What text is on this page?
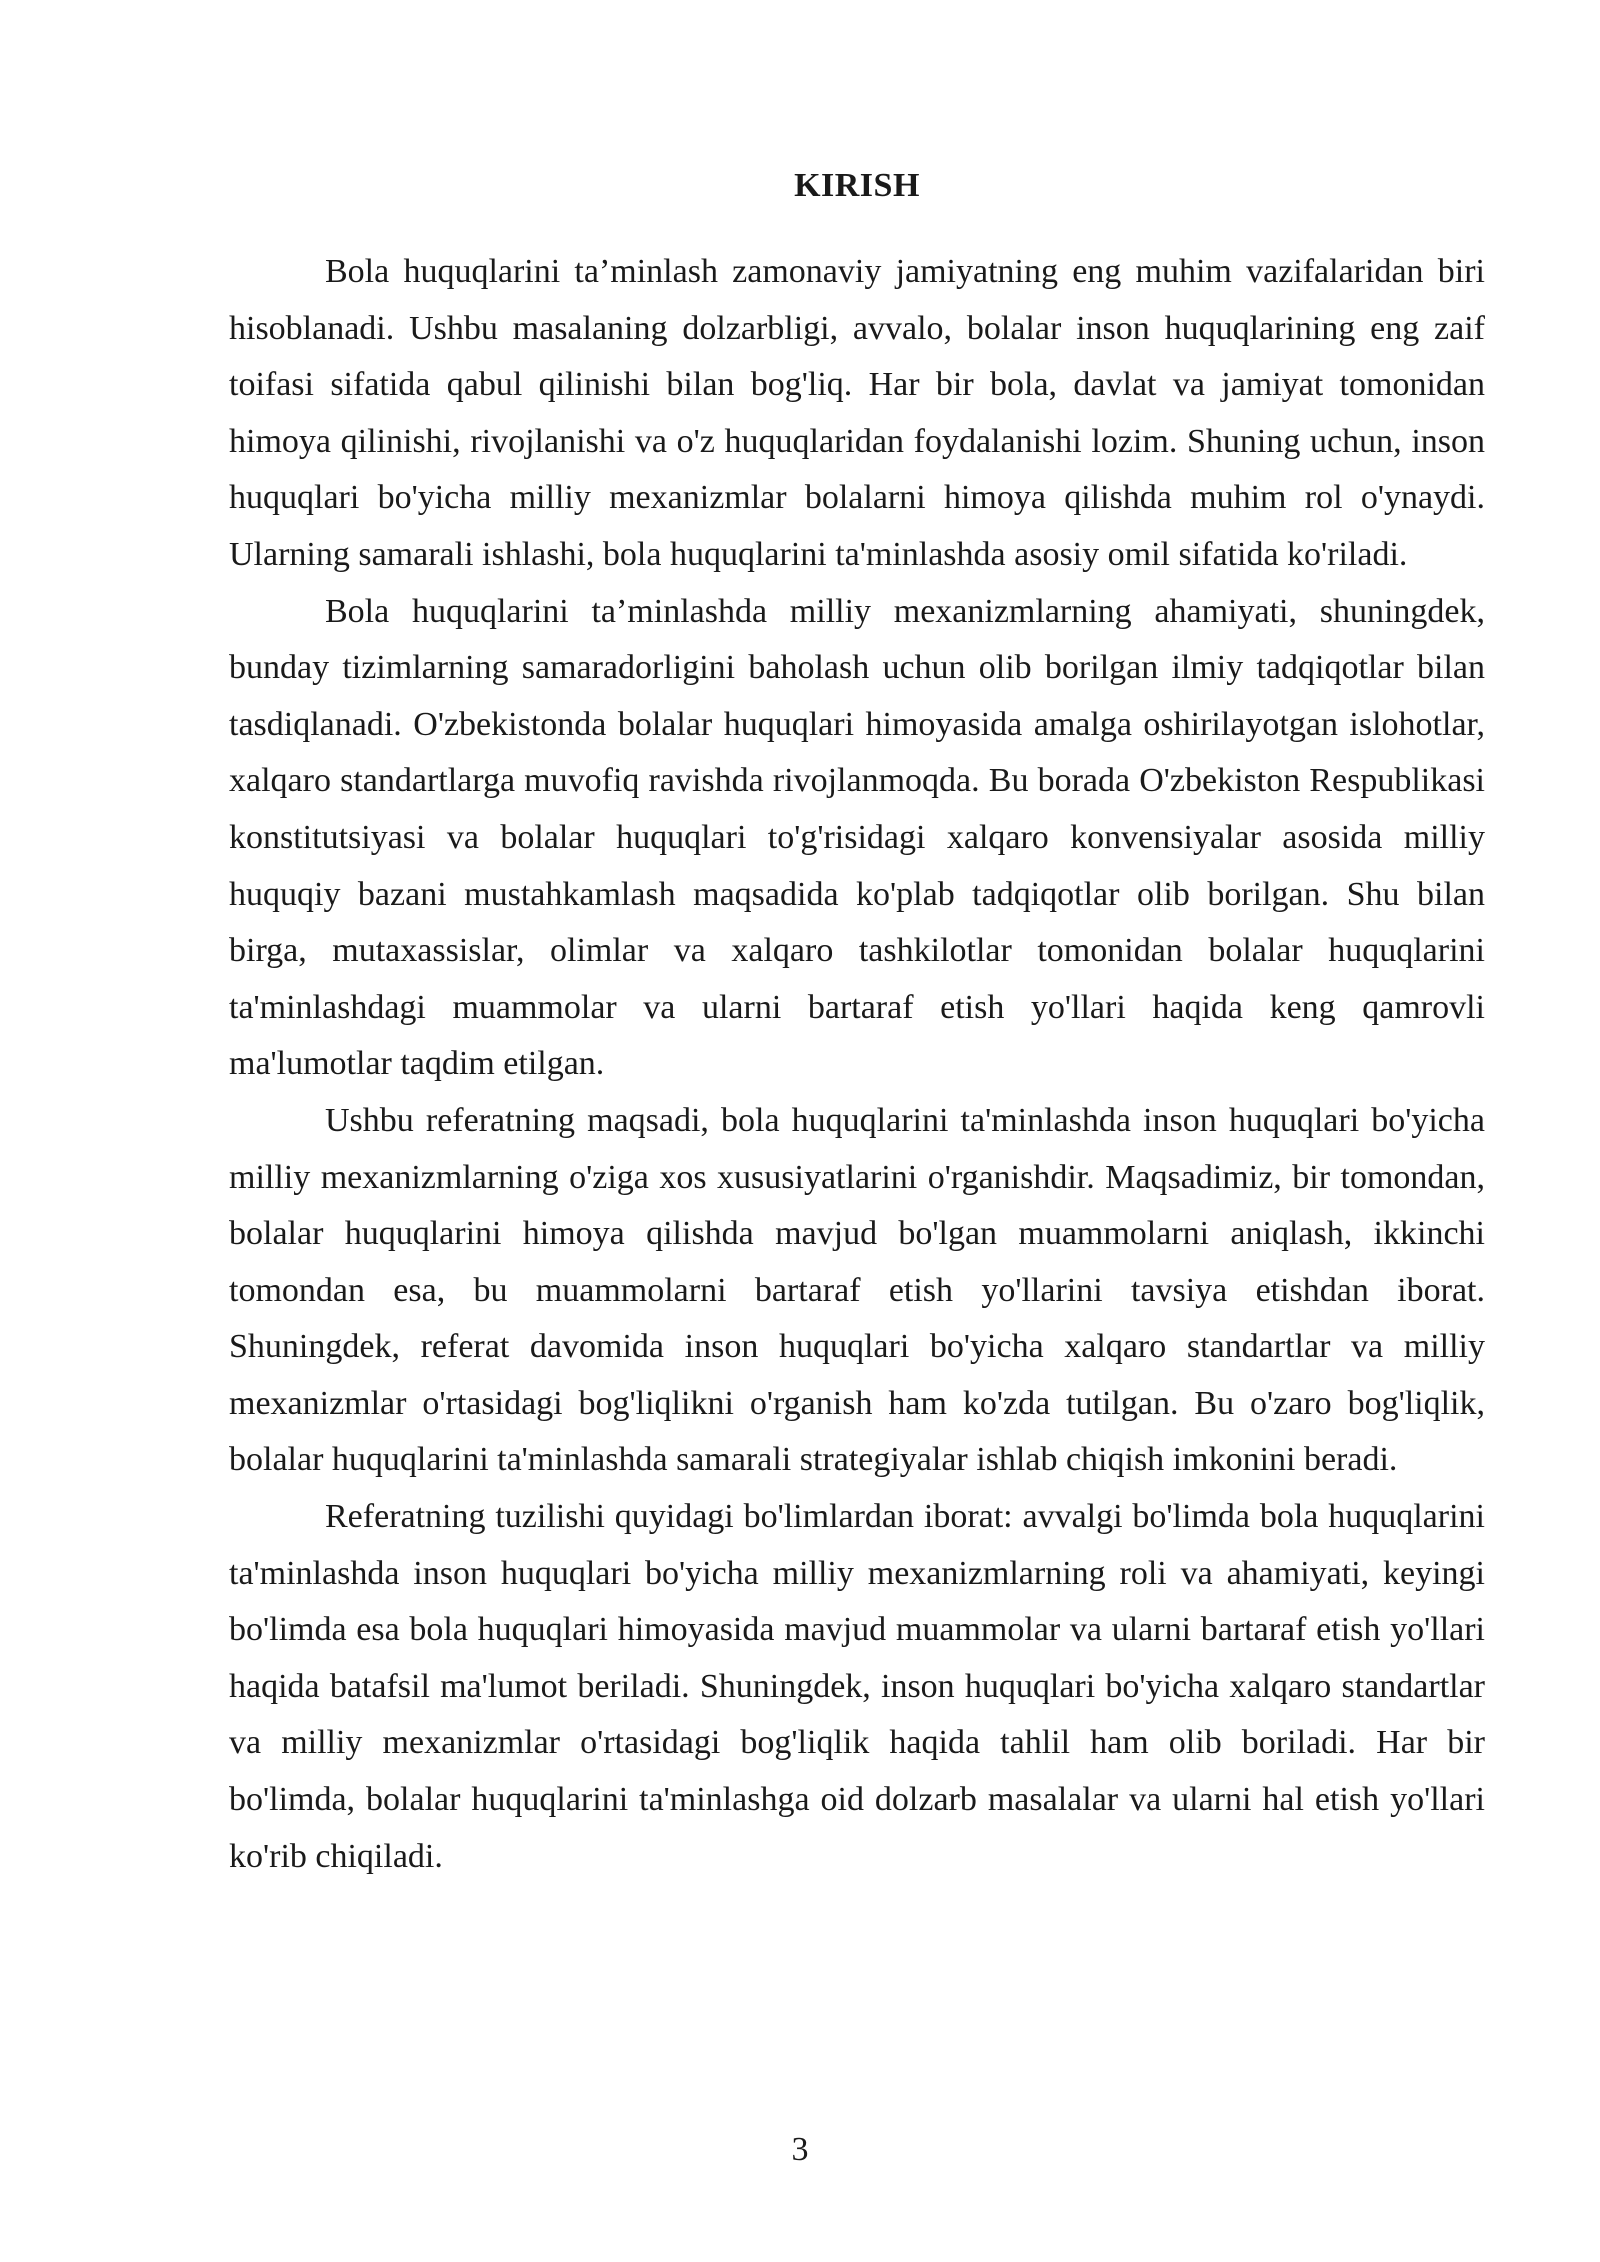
KIRISH

Bola huquqlarini ta’minlash zamonaviy jamiyatning eng muhim vazifalaridan biri hisoblanadi. Ushbu masalaning dolzarbligi, avvalo, bolalar inson huquqlarining eng zaif toifasi sifatida qabul qilinishi bilan bog'liq. Har bir bola, davlat va jamiyat tomonidan himoya qilinishi, rivojlanishi va o'z huquqlaridan foydalanishi lozim. Shuning uchun, inson huquqlari bo'yicha milliy mexanizmlar bolalarni himoya qilishda muhim rol o'ynaydi. Ularning samarali ishlashi, bola huquqlarini ta'minlashda asosiy omil sifatida ko'riladi.

Bola huquqlarini ta’minlashda milliy mexanizmlarning ahamiyati, shuningdek, bunday tizimlarning samaradorligini baholash uchun olib borilgan ilmiy tadqiqotlar bilan tasdiqlanadi. O'zbekistonda bolalar huquqlari himoyasida amalga oshirilayotgan islohotlar, xalqaro standartlarga muvofiq ravishda rivojlanmoqda. Bu borada O'zbekiston Respublikasi konstitutsiyasi va bolalar huquqlari to'g'risidagi xalqaro konvensiyalar asosida milliy huquqiy bazani mustahkamlash maqsadida ko'plab tadqiqotlar olib borilgan. Shu bilan birga, mutaxassislar, olimlar va xalqaro tashkilotlar tomonidan bolalar huquqlarini ta'minlashdagi muammolar va ularni bartaraf etish yo'llari haqida keng qamrovli ma'lumotlar taqdim etilgan.

Ushbu referatning maqsadi, bola huquqlarini ta'minlashda inson huquqlari bo'yicha milliy mexanizmlarning o'ziga xos xususiyatlarini o'rganishdir. Maqsadimiz, bir tomondan, bolalar huquqlarini himoya qilishda mavjud bo'lgan muammolarni aniqlash, ikkinchi tomondan esa, bu muammolarni bartaraf etish yo'llarini tavsiya etishdan iborat. Shuningdek, referat davomida inson huquqlari bo'yicha xalqaro standartlar va milliy mexanizmlar o'rtasidagi bog'liqlikni o'rganish ham ko'zda tutilgan. Bu o'zaro bog'liqlik, bolalar huquqlarini ta'minlashda samarali strategiyalar ishlab chiqish imkonini beradi.

Referatning tuzilishi quyidagi bo'limlardan iborat: avvalgi bo'limda bola huquqlarini ta'minlashda inson huquqlari bo'yicha milliy mexanizmlarning roli va ahamiyati, keyingi bo'limda esa bola huquqlari himoyasida mavjud muammolar va ularni bartaraf etish yo'llari haqida batafsil ma'lumot beriladi. Shuningdek, inson huquqlari bo'yicha xalqaro standartlar va milliy mexanizmlar o'rtasidagi bog'liqlik haqida tahlil ham olib boriladi. Har bir bo'limda, bolalar huquqlarini ta'minlashga oid dolzarb masalalar va ularni hal etish yo'llari ko'rib chiqiladi.

3
